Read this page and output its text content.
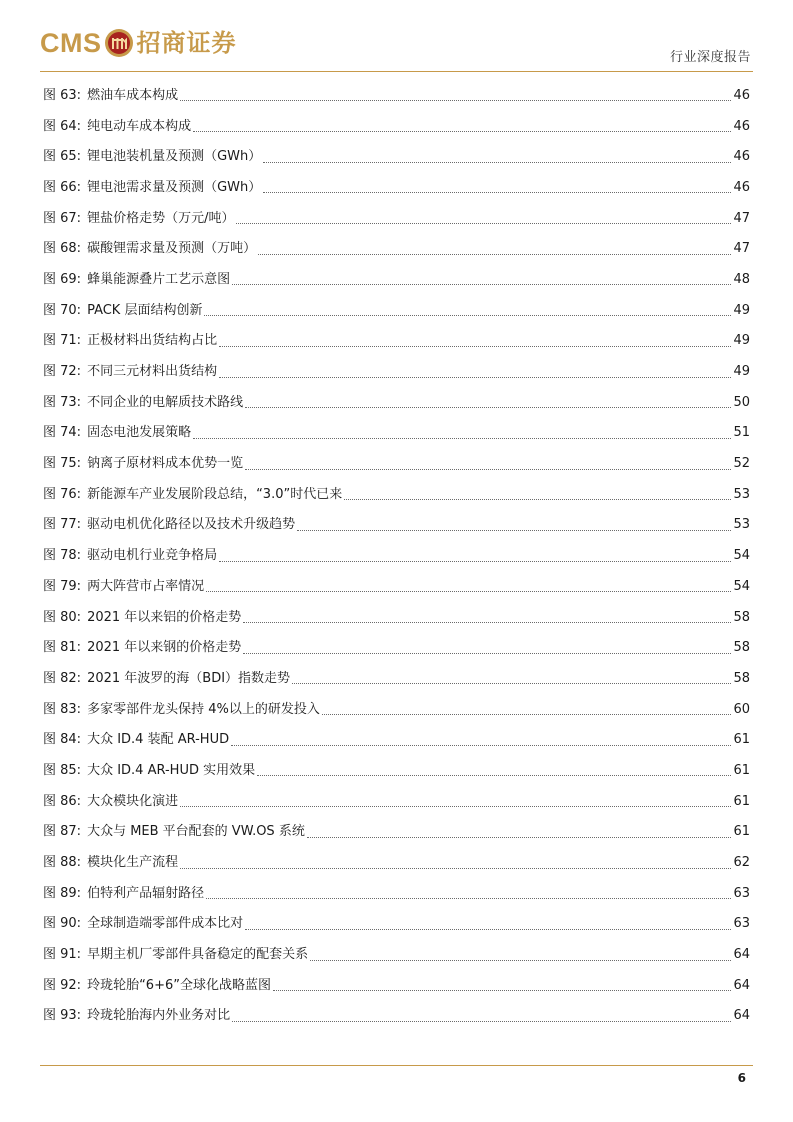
CMS 招商证券
行业深度报告
图 63: 燃油车成本构成	46
图 64: 纯电动车成本构成	46
图 65: 锂电池装机量及预测（GWh）	46
图 66: 锂电池需求量及预测（GWh）	46
图 67: 锂盐价格走势（万元/吨）	47
图 68: 碳酸锂需求量及预测（万吨）	47
图 69: 蜂巢能源叠片工艺示意图	48
图 70: PACK 层面结构创新	49
图 71: 正极材料出货结构占比	49
图 72: 不同三元材料出货结构	49
图 73: 不同企业的电解质技术路线	50
图 74: 固态电池发展策略	51
图 75: 钠离子原材料成本优势一览	52
图 76: 新能源车产业发展阶段总结，“3.0”时代已来	53
图 77: 驱动电机优化路径以及技术升级趋势	53
图 78: 驱动电机行业竞争格局	54
图 79: 两大阵营市占率情况	54
图 80: 2021 年以来铝的价格走势	58
图 81: 2021 年以来钢的价格走势	58
图 82: 2021 年波罗的海（BDI）指数走势	58
图 83: 多家零部件龙头保持 4%以上的研发投入	60
图 84: 大众 ID.4 装配 AR-HUD	61
图 85: 大众 ID.4 AR-HUD 实用效果	61
图 86: 大众模块化演进	61
图 87: 大众与 MEB 平台配套的 VW.OS 系统	61
图 88: 模块化生产流程	62
图 89: 伯特利产品辐射路径	63
图 90: 全球制造端零部件成本比对	63
图 91: 早期主机厂零部件具备稳定的配套关系	64
图 92: 玲珑轮胎“6+6”全球化战略蓝图	64
图 93: 玲珑轮胎海内外业务对比	64
6
